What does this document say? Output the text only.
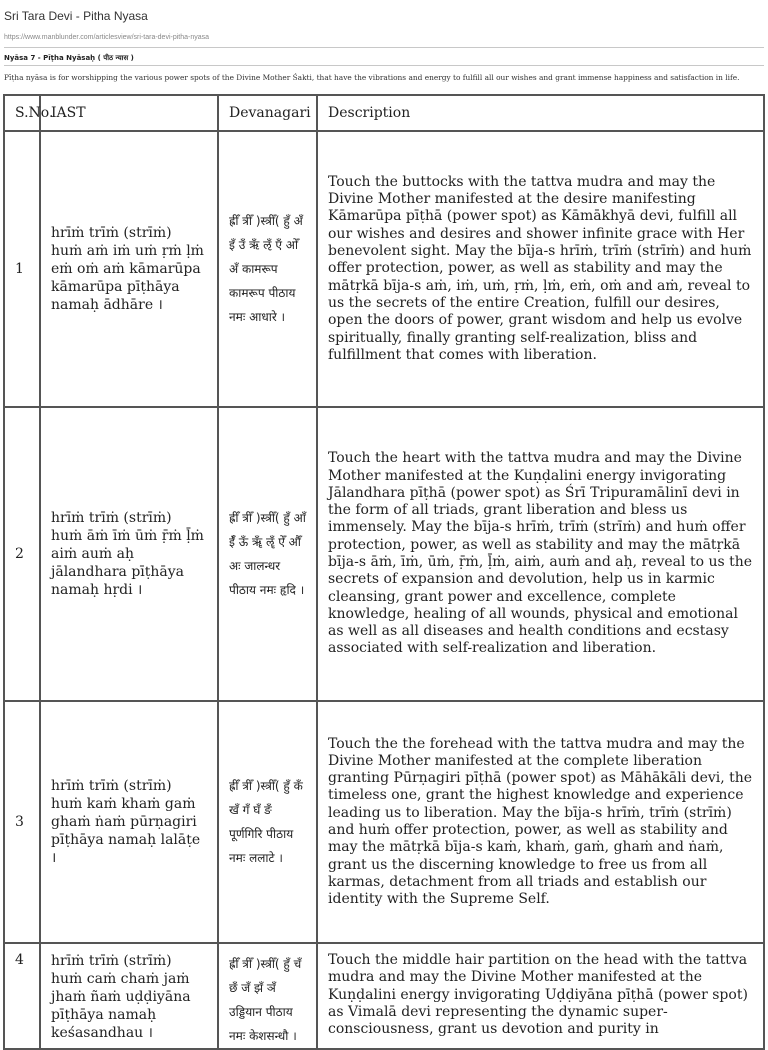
Sri Tara Devi - Pitha Nyasa
https://www.manblunder.com/articlesview/sri-tara-devi-pitha-nyasa
Nyāsa 7 - Pīṭha Nyāsaḥ ( पीठ न्यास )
Pīṭha nyāsa is for worshipping the various power spots of the Divine Mother Śakti, that have the vibrations and energy to fulfill all our wishes and grant immense happiness and satisfaction in life.
S.No.	IAST	Devanagari	Description
1	hrīṁ trīṁ (strīṁ) huṁ aṁ iṁ uṁ ṛṁ ḷṁ eṁ oṁ aṁ kāmarūpa kāmarūpa pīṭhāya namaḥ ādhāre ।	ह्रीँ त्रीँ )स्त्रीँ( हुँ अँ इँ उँ ऋँ ऌँ एँ ओँ अँ कामरूप कामरूप पीठाय नमः आधारे ।	Touch the buttocks with the tattva mudra and may the Divine Mother manifested at the desire manifesting Kāmarūpa pīṭhā (power spot) as Kāmākhyā devi, fulfill all our wishes and desires and shower infinite grace with Her benevolent sight. May the bīja-s hrīṁ, trīṁ (strīṁ) and huṁ offer protection, power, as well as stability and may the mātṛkā bīja-s aṁ, iṁ, uṁ, ṛṁ, ḷṁ, eṁ, oṁ and aṁ, reveal to us the secrets of the entire Creation, fulfill our desires, open the doors of power, grant wisdom and help us evolve spiritually, finally granting self-realization, bliss and fulfillment that comes with liberation.
2	hrīṁ trīṁ (strīṁ) huṁ āṁ īṁ ūṁ ṝṁ ḹṁ aiṁ auṁ aḥ jālandhara pīṭhāya namaḥ hṛdi ।	ह्रीँ त्रीँ )स्त्रीँ( हुँ आँ ईँ ऊँ ॠँ ॡँ ऐँ औँ अः जालन्धर पीठाय नमः हृदि ।	Touch the heart with the tattva mudra and may the Divine Mother manifested at the Kuṇḍalini energy invigorating Jālandhara pīṭhā (power spot) as Śrī Tripuramālinī devi in the form of all triads, grant liberation and bless us immensely. May the bīja-s hrīṁ, trīṁ (strīṁ) and huṁ offer protection, power, as well as stability and may the mātṛkā bīja-s āṁ, īṁ, ūṁ, ṝṁ, ḹṁ, aiṁ, auṁ and aḥ, reveal to us the secrets of expansion and devolution, help us in karmic cleansing, grant power and excellence, complete knowledge, healing of all wounds, physical and emotional as well as all diseases and health conditions and ecstasy associated with self-realization and liberation.
3	hrīṁ trīṁ (strīṁ) huṁ kaṁ khaṁ gaṁ ghaṁ ṅaṁ pūrṇagiri pīṭhāya namaḥ lalāṭe ।	ह्रीँ त्रीँ )स्त्रीँ( हुँ कँ खँ गँ घँ ङँ पूर्णगिरि पीठाय नमः ललाटे ।	Touch the the forehead with the tattva mudra and may the Divine Mother manifested at the complete liberation granting Pūrṇagiri pīṭhā (power spot) as Māhākāli devi, the timeless one, grant the highest knowledge and experience leading us to liberation. May the bīja-s hrīṁ, trīṁ (strīṁ) and huṁ offer protection, power, as well as stability and may the mātṛkā bīja-s kaṁ, khaṁ, gaṁ, ghaṁ and ṅaṁ, grant us the discerning knowledge to free us from all karmas, detachment from all triads and establish our identity with the Supreme Self.
4	hrīṁ trīṁ (strīṁ) huṁ caṁ chaṁ jaṁ jhaṁ ñaṁ uḍḍiyāna pīṭhāya namaḥ keśasandhau ।	ह्रीँ त्रीँ )स्त्रीँ( हुँ चँ छँ जँ झँ ञँ उड्डियान पीठाय नमः केशसन्धौ ।	Touch the middle hair partition on the head with the tattva mudra and may the Divine Mother manifested at the Kuṇḍalini energy invigorating Uḍḍiyāna pīṭhā (power spot) as Vimalā devi representing the dynamic super-consciousness, grant us devotion and purity in
